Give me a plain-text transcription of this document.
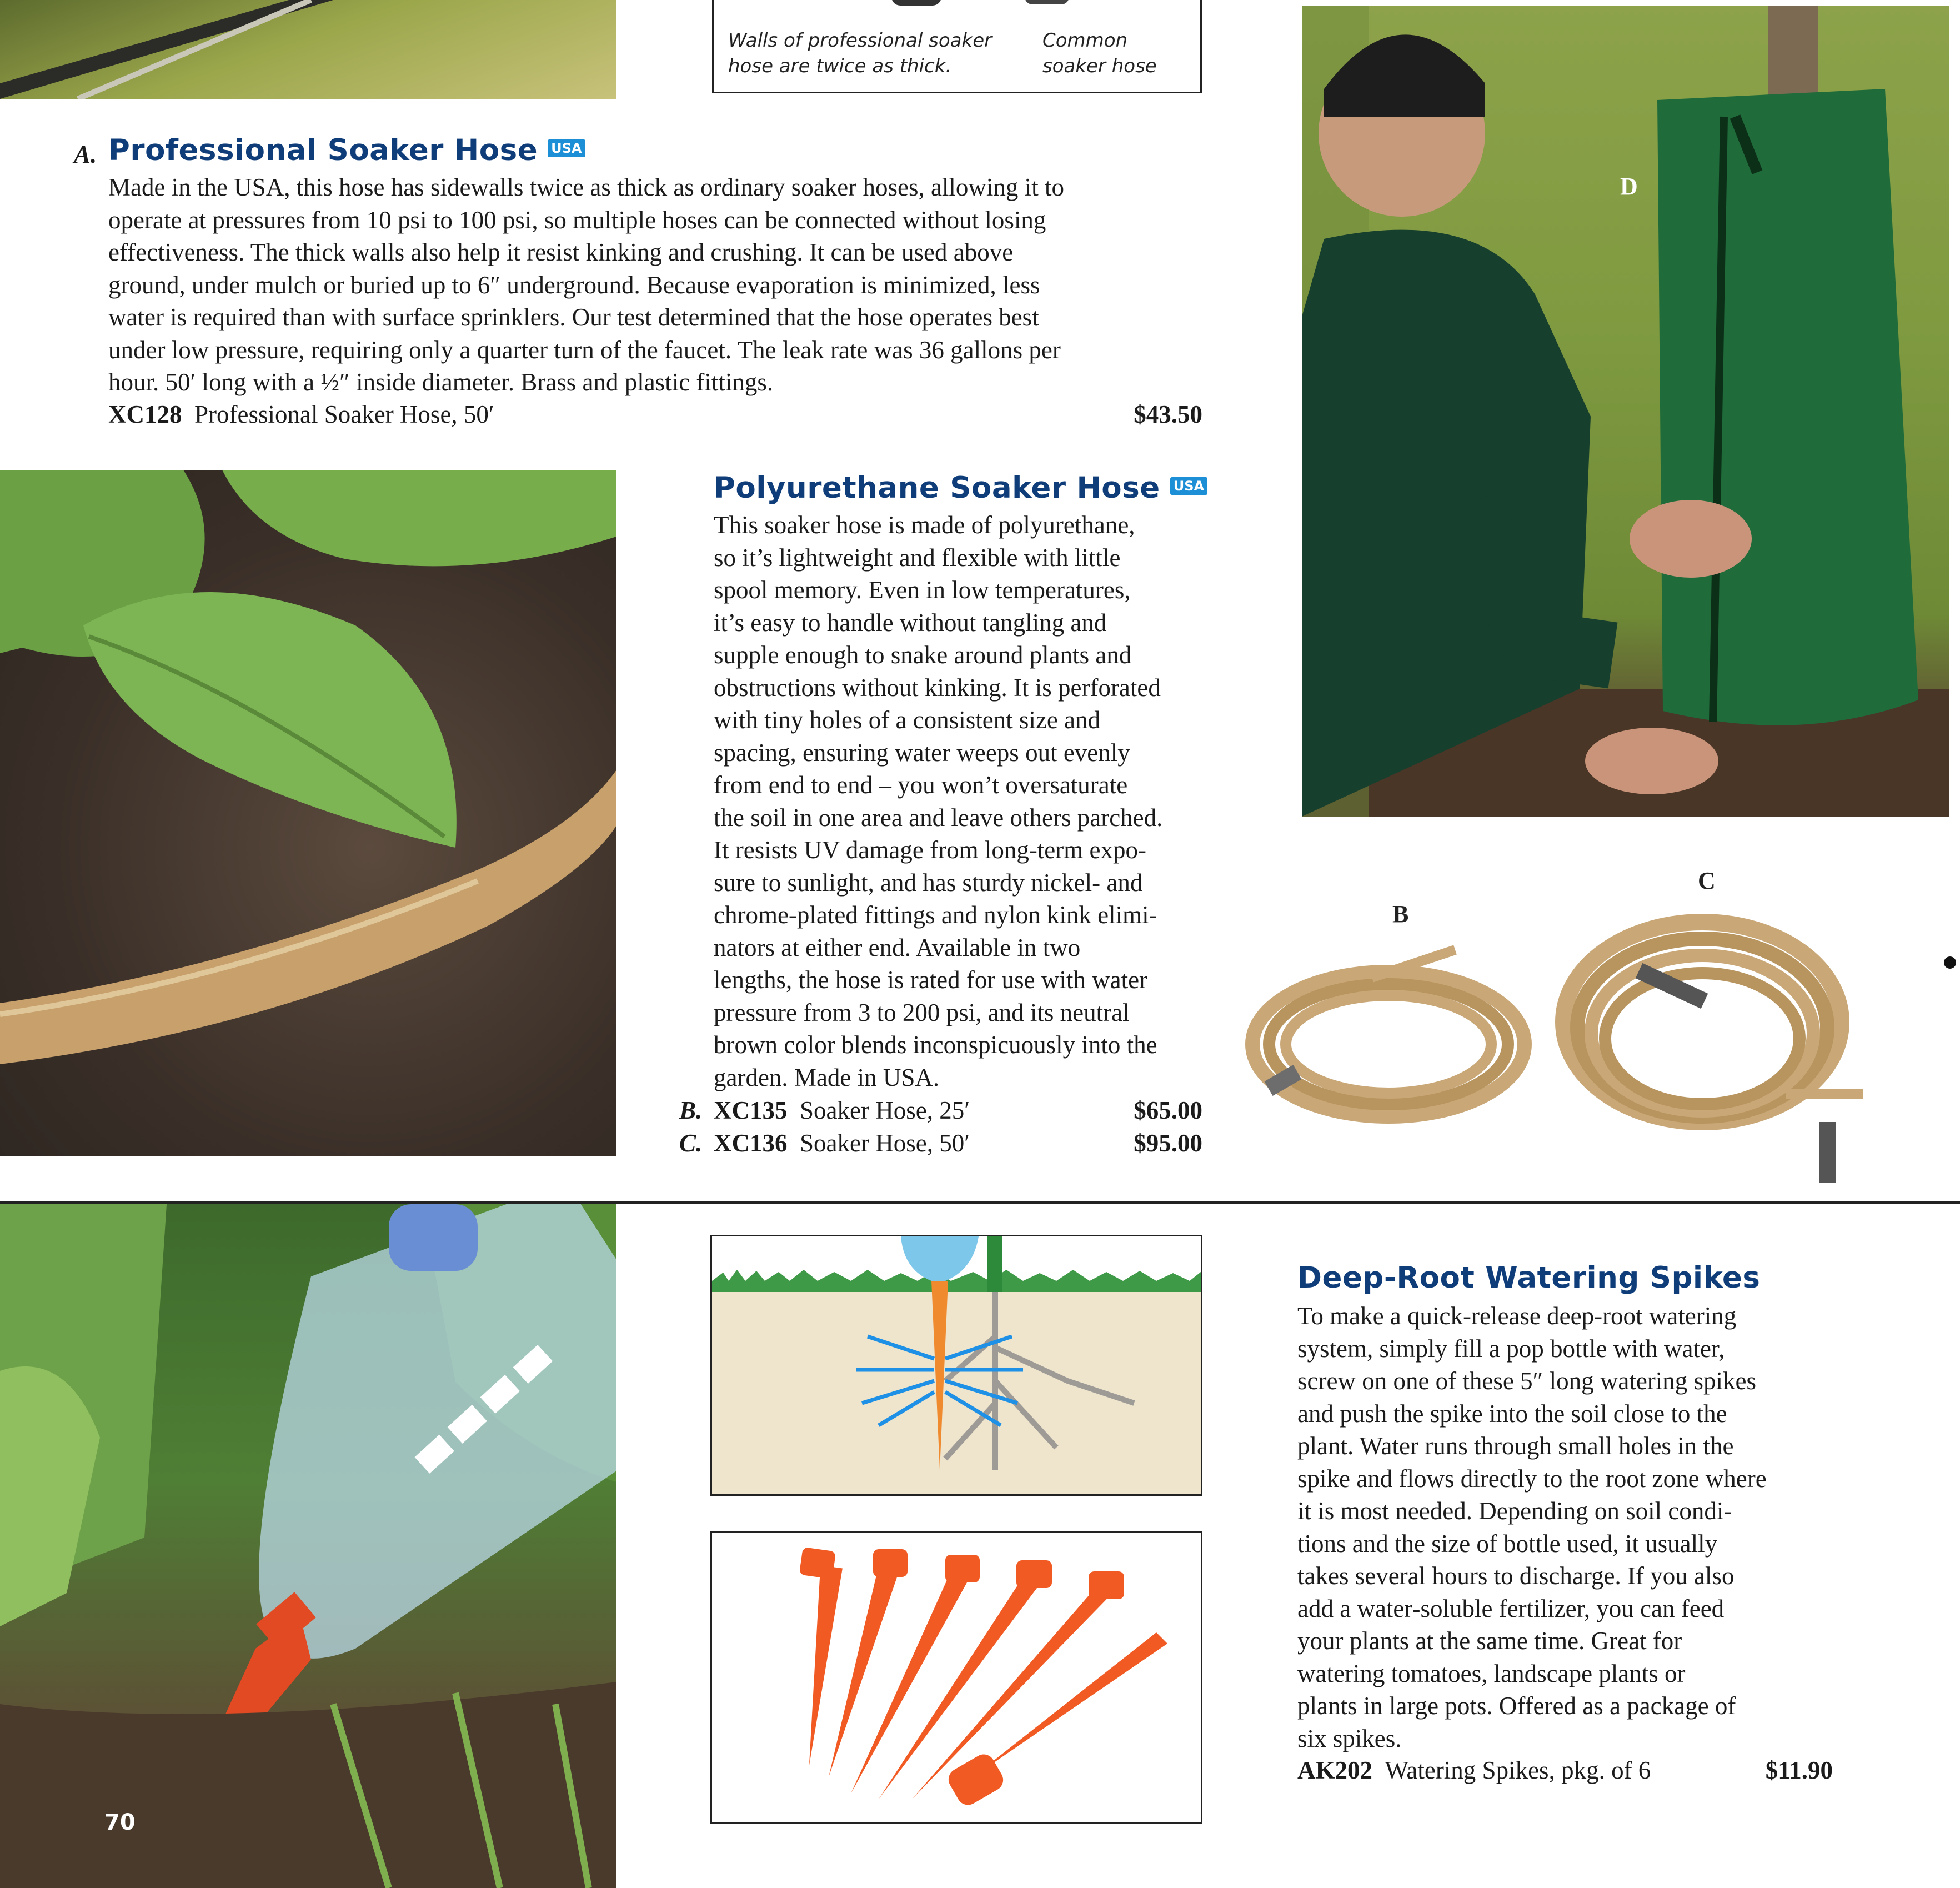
Walls of professional soaker
hose are twice as thick.
Common
soaker hose
A. Professional Soaker Hose USA

Made in the USA, this hose has sidewalls twice as thick as ordinary soaker hoses, allowing it to

operate at pressures from 10 psi to 100 psi, so multiple hoses can be connected without losing

effectiveness. The thick walls also help it resist kinking and crushing. It can be used above

ground, under mulch or buried up to 6″ underground. Because evaporation is minimized, less

water is required than with surface sprinklers. Our test determined that the hose operates best

under low pressure, requiring only a quarter turn of the faucet. The leak rate was 36 gallons per

hour. 50′ long with a ½″ inside diameter. Brass and plastic fittings.

XC128 Professional Soaker Hose, 50′	$43.50
D
Polyurethane Soaker Hose USA

This soaker hose is made of polyurethane,

so it’s lightweight and flexible with little

spool memory. Even in low temperatures,

it’s easy to handle without tangling and

supple enough to snake around plants and

obstructions without kinking. It is perforated

with tiny holes of a consistent size and

spacing, ensuring water weeps out evenly

from end to end – you won’t oversaturate

the soil in one area and leave others parched.

It resists UV damage from long-term expo-

sure to sunlight, and has sturdy nickel- and

chrome-plated fittings and nylon kink elimi-

nators at either end. Available in two

lengths, the hose is rated for use with water

pressure from 3 to 200 psi, and its neutral

brown color blends inconspicuously into the

garden. Made in USA.

B. XC135 Soaker Hose, 25′	$65.00
C. XC136 Soaker Hose, 50′	$95.00
B
C
70
Deep-Root Watering Spikes

To make a quick-release deep-root watering

system, simply fill a pop bottle with water,

screw on one of these 5″ long watering spikes

and push the spike into the soil close to the

plant. Water runs through small holes in the

spike and flows directly to the root zone where

it is most needed. Depending on soil condi-

tions and the size of bottle used, it usually

takes several hours to discharge. If you also

add a water-soluble fertilizer, you can feed

your plants at the same time. Great for

watering tomatoes, landscape plants or

plants in large pots. Offered as a package of

six spikes.

AK202 Watering Spikes, pkg. of 6	$11.90
